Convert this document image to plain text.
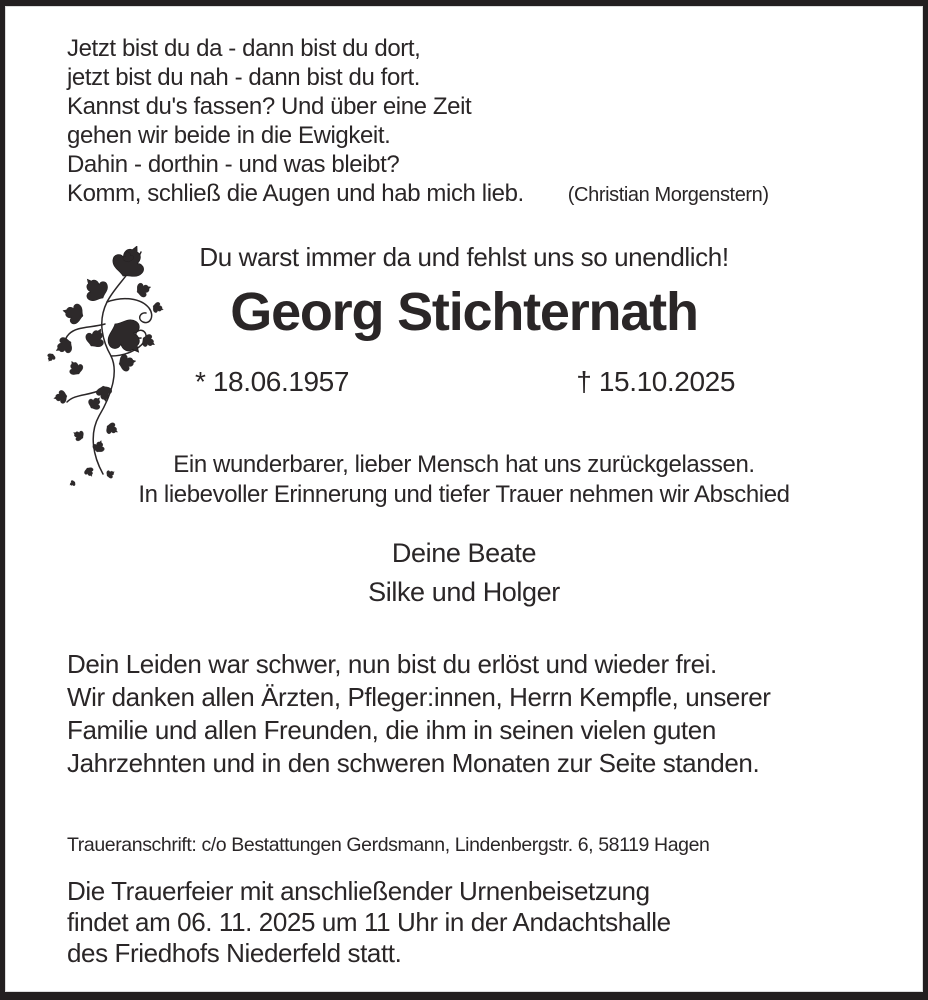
Jetzt bist du da - dann bist du dort,
jetzt bist du nah - dann bist du fort.
Kannst du's fassen? Und über eine Zeit
gehen wir beide in die Ewigkeit.
Dahin - dorthin - und was bleibt?
Komm, schließ die Augen und hab mich lieb. (Christian Morgenstern)
Du warst immer da und fehlst uns so unendlich!
Georg Stichternath
* 18.06.1957	† 15.10.2025
Ein wunderbarer, lieber Mensch hat uns zurückgelassen.
In liebevoller Erinnerung und tiefer Trauer nehmen wir Abschied
Deine Beate
Silke und Holger
Dein Leiden war schwer, nun bist du erlöst und wieder frei.
Wir danken allen Ärzten, Pfleger:innen, Herrn Kempfle, unserer
Familie und allen Freunden, die ihm in seinen vielen guten
Jahrzehnten und in den schweren Monaten zur Seite standen.
Traueranschrift: c/o Bestattungen Gerdsmann, Lindenbergstr. 6, 58119 Hagen
Die Trauerfeier mit anschließender Urnenbeisetzung
findet am 06. 11. 2025 um 11 Uhr in der Andachtshalle
des Friedhofs Niederfeld statt.
